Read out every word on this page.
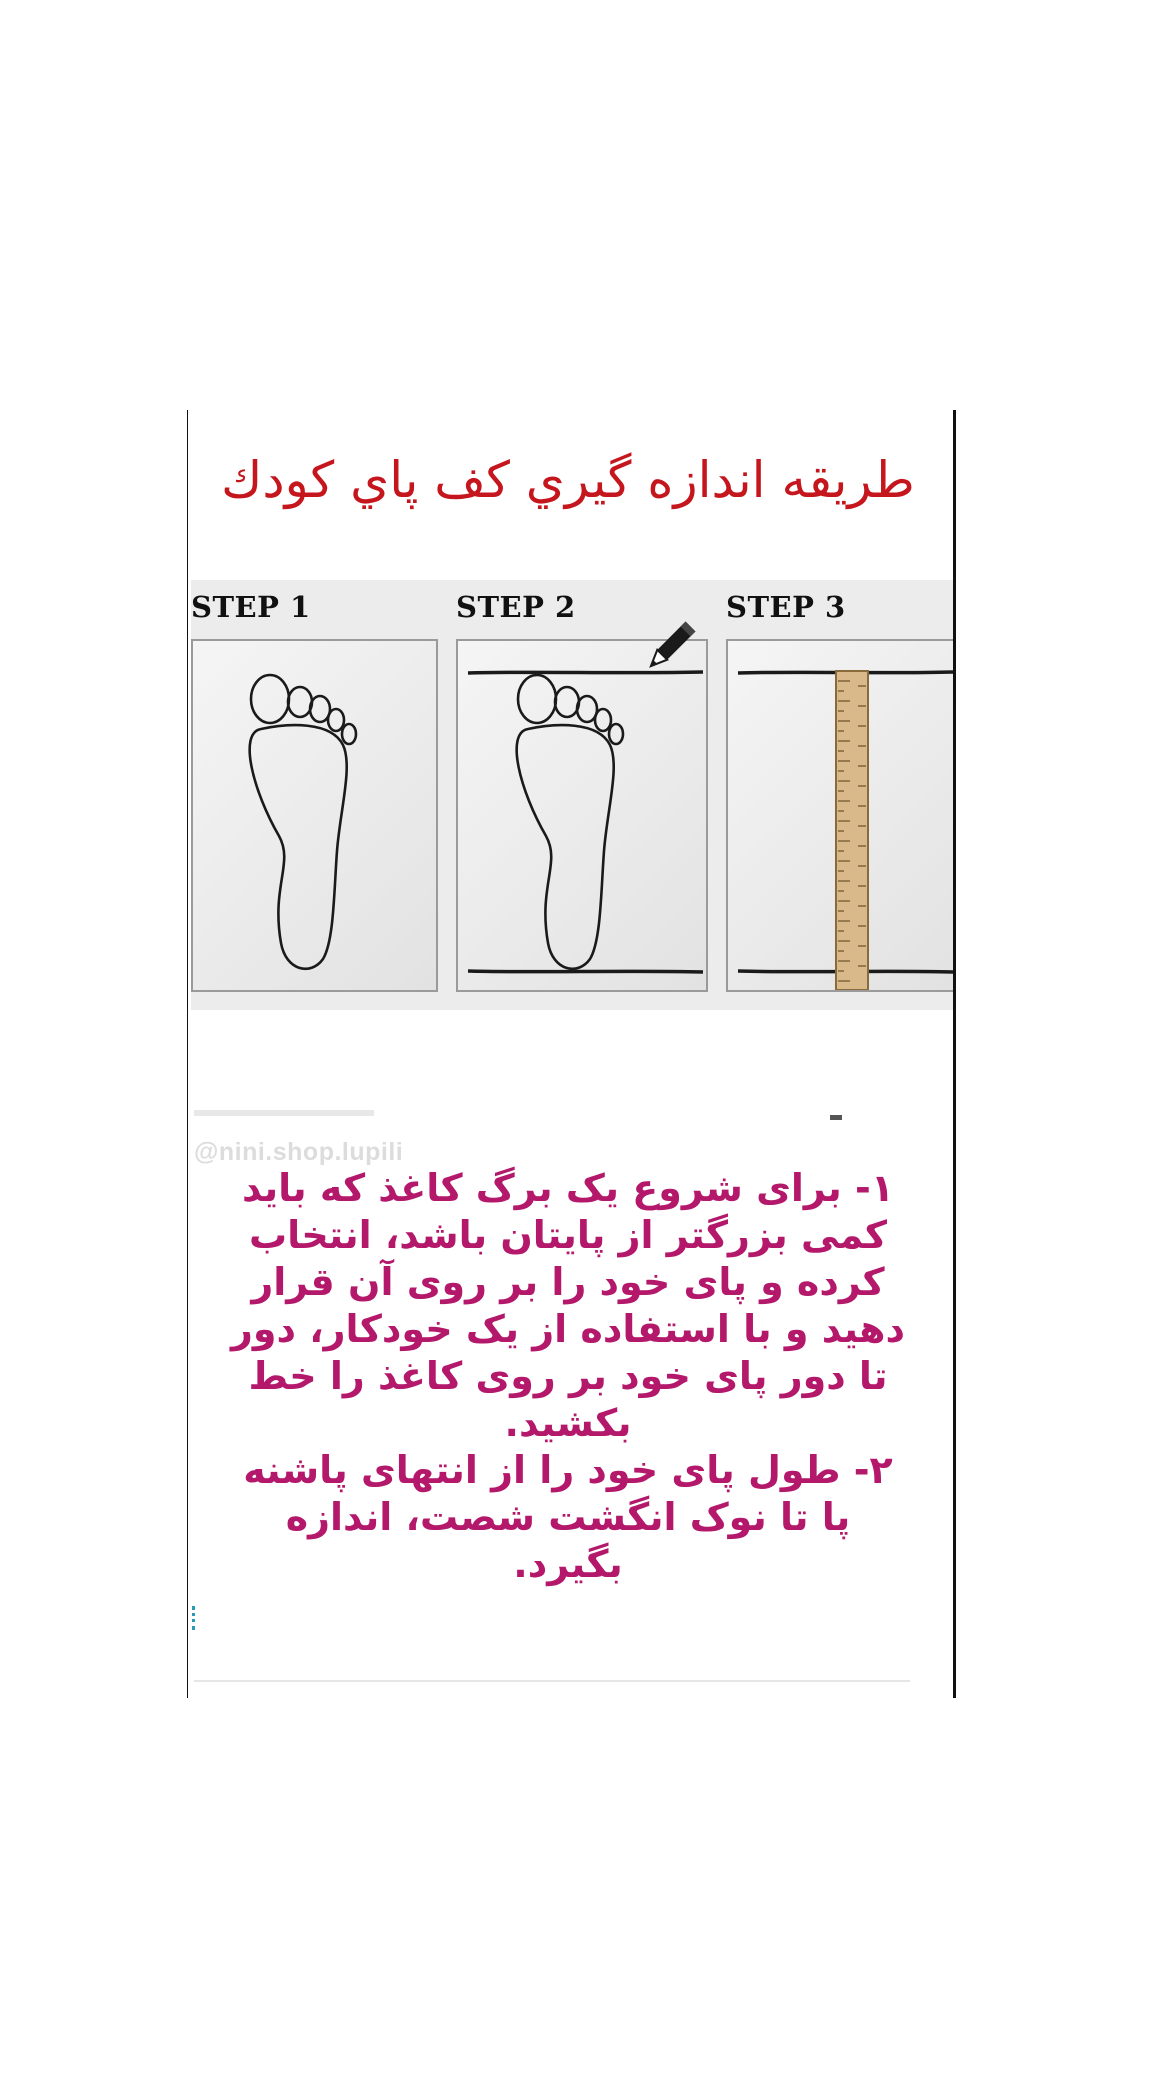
طريقه اندازه گيري كف پاي كودك
STEP 1	STEP 2	STEP 3
@nini.shop.lupili

۱- برای شروع یک برگ کاغذ که باید کمی بزرگتر از پایتان باشد، انتخاب کرده و پای خود را بر روی آن قرار دهید و با استفاده از یک خودکار، دور تا دور پای خود بر روی کاغذ را خط بکشید.

۲- طول پای خود را از انتهای پاشنه پا تا نوک انگشت شصت، اندازه بگیرد.
